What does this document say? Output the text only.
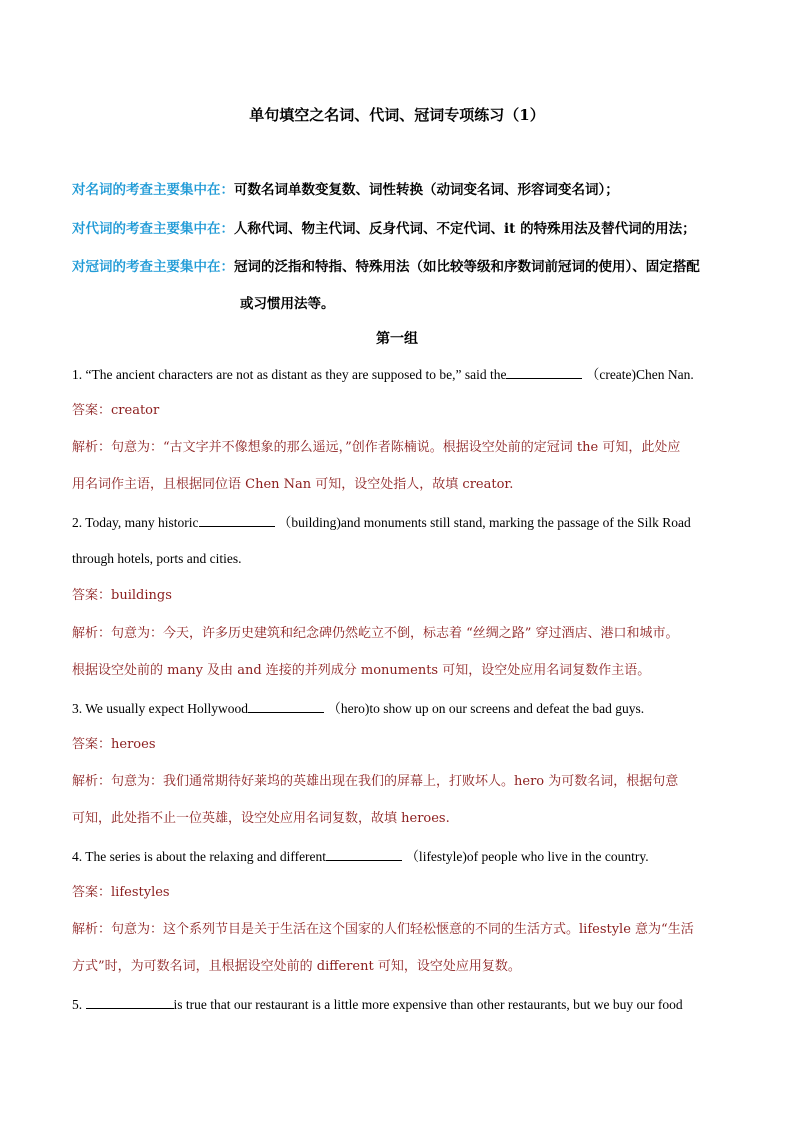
单句填空之名词、代词、冠词专项练习（1）
对名词的考查主要集中在：可数名词单数变复数、词性转换（动词变名词、形容词变名词）；
对代词的考查主要集中在：人称代词、物主代词、反身代词、不定代词、it 的特殊用法及替代词的用法；
对冠词的考查主要集中在：冠词的泛指和特指、特殊用法（如比较等级和序数词前冠词的使用）、固定搭配
或习惯用法等。
第一组
1. “The ancient characters are not as distant as they are supposed to be,” said the	（create)Chen Nan.
答案：creator
解析：句意为：“古文字并不像想象的那么遥远，”创作者陈楠说。根据设空处前的定冠词 the 可知，此处应
用名词作主语，且根据同位语 Chen Nan 可知，设空处指人，故填 creator.
2. Today, many historic	（building)and monuments still stand, marking the passage of the Silk Road
through hotels, ports and cities.
答案：buildings
解析：句意为：今天，许多历史建筑和纪念碑仍然屹立不倒，标志着 “丝绸之路” 穿过酒店、港口和城市。
根据设空处前的 many 及由 and 连接的并列成分 monuments 可知，设空处应用名词复数作主语。
3. We usually expect Hollywood	（hero)to show up on our screens and defeat the bad guys.
答案：heroes
解析：句意为：我们通常期待好莱坞的英雄出现在我们的屏幕上，打败坏人。hero 为可数名词，根据句意
可知，此处指不止一位英雄，设空处应用名词复数，故填 heroes.
4. The series is about the relaxing and different	（lifestyle)of people who live in the country.
答案：lifestyles
解析：句意为：这个系列节目是关于生活在这个国家的人们轻松惬意的不同的生活方式。lifestyle 意为“生活
方式”时，为可数名词，且根据设空处前的 different 可知，设空处应用复数。
5.	is true that our restaurant is a little more expensive than other restaurants, but we buy our food
